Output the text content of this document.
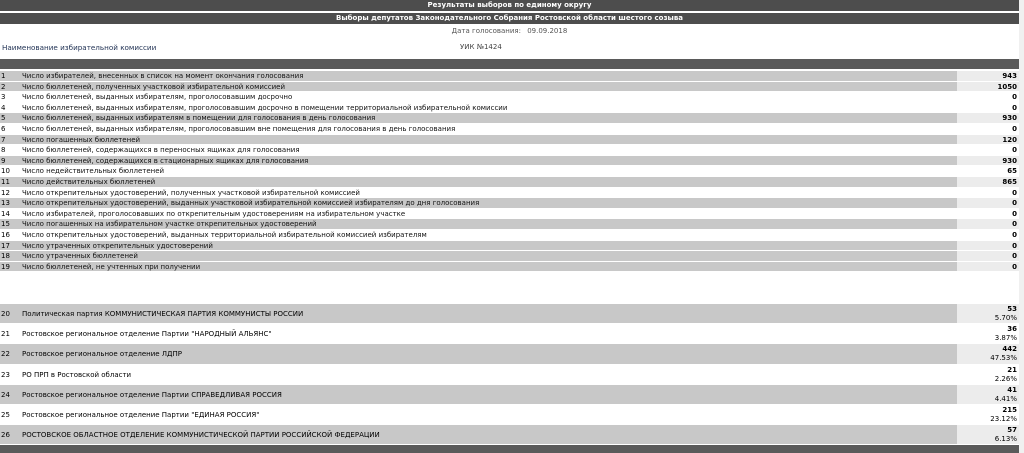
Результаты выборов по единому округу
Выборы депутатов Законодательного Собрания Ростовской области шестого созыва
Дата голосования: 09.09.2018
Наименование избирательной комиссии	УИК №1424
1 Число избирателей, внесенных в список на момент окончания голосования	943
2 Число бюллетеней, полученных участковой избирательной комиссией	1050
3 Число бюллетеней, выданных избирателям, проголосовавшим досрочно	0
4 Число бюллетеней, выданных избирателям, проголосовавшим досрочно в помещении территориальной избирательной комиссии	0
5 Число бюллетеней, выданных избирателям в помещении для голосования в день голосования	930
6 Число бюллетеней, выданных избирателям, проголосовавшим вне помещения для голосования в день голосования	0
7 Число погашенных бюллетеней	120
8 Число бюллетеней, содержащихся в переносных ящиках для голосования	0
9 Число бюллетеней, содержащихся в стационарных ящиках для голосования	930
10 Число недействительных бюллетеней	65
11 Число действительных бюллетеней	865
12 Число открепительных удостоверений, полученных участковой избирательной комиссией	0
13 Число открепительных удостоверений, выданных участковой избирательной комиссией избирателям до дня голосования	0
14 Число избирателей, проголосовавших по открепительным удостоверениям на избирательном участке	0
15 Число погашенных на избирательном участке открепительных удостоверений	0
16 Число открепительных удостоверений, выданных территориальной избирательной комиссией избирателям	0
17 Число утраченных открепительных удостоверений	0
18 Число утраченных бюллетеней	0
19 Число бюллетеней, не учтенных при получении	0
20 Политическая партия КОММУНИСТИЧЕСКАЯ ПАРТИЯ КОММУНИСТЫ РОССИИ
53
5.70%
21 Ростовское региональное отделение Партии "НАРОДНЫЙ АЛЬЯНС"
36
3.87%
22 Ростовское региональное отделение ЛДПР
442
47.53%
23 РО ПРП в Ростовской области
21
2.26%
24 Ростовское региональное отделение Партии СПРАВЕДЛИВАЯ РОССИЯ
41
4.41%
25 Ростовское региональное отделение Партии "ЕДИНАЯ РОССИЯ"
215
23.12%
26 РОСТОВСКОЕ ОБЛАСТНОЕ ОТДЕЛЕНИЕ КОММУНИСТИЧЕСКОЙ ПАРТИИ РОССИЙСКОЙ ФЕДЕРАЦИИ
57
6.13%
